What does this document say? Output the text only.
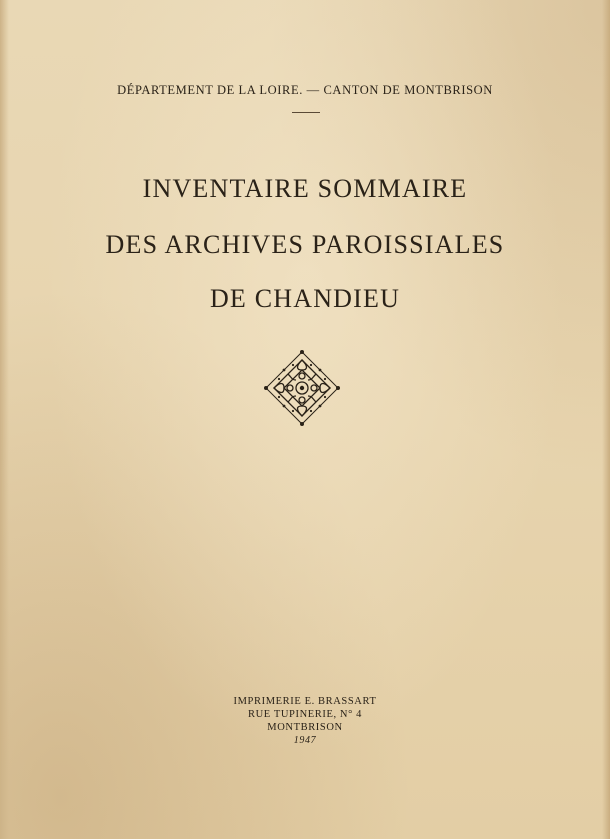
DÉPARTEMENT DE LA LOIRE. — CANTON DE MONTBRISON
INVENTAIRE SOMMAIRE
DES ARCHIVES PAROISSIALES
DE CHANDIEU
IMPRIMERIE E. BRASSART
RUE TUPINERIE, N° 4
MONTBRISON
1947
